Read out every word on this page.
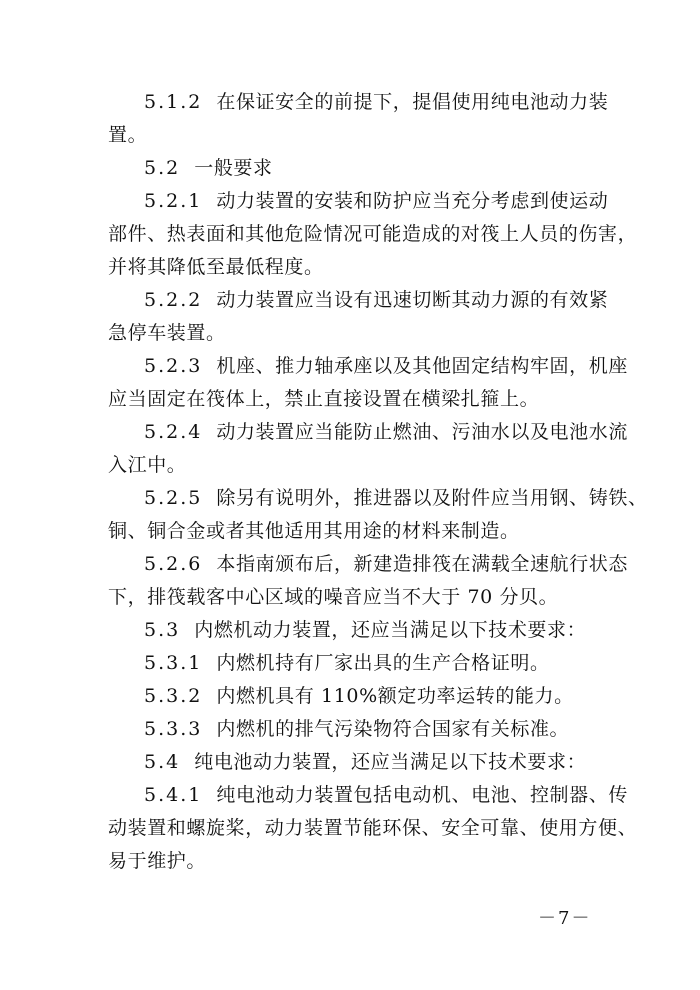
5.1.2 在保证安全的前提下，提倡使用纯电池动力装
置。
5.2 一般要求
5.2.1 动力装置的安装和防护应当充分考虑到使运动
部件、热表面和其他危险情况可能造成的对筏上人员的伤害，
并将其降低至最低程度。
5.2.2 动力装置应当设有迅速切断其动力源的有效紧
急停车装置。
5.2.3 机座、推力轴承座以及其他固定结构牢固，机座
应当固定在筏体上，禁止直接设置在横梁扎箍上。
5.2.4 动力装置应当能防止燃油、污油水以及电池水流
入江中。
5.2.5 除另有说明外，推进器以及附件应当用钢、铸铁、
铜、铜合金或者其他适用其用途的材料来制造。
5.2.6 本指南颁布后，新建造排筏在满载全速航行状态
下，排筏载客中心区域的噪音应当不大于 70 分贝。
5.3 内燃机动力装置，还应当满足以下技术要求：
5.3.1 内燃机持有厂家出具的生产合格证明。
5.3.2 内燃机具有 110%额定功率运转的能力。
5.3.3 内燃机的排气污染物符合国家有关标准。
5.4 纯电池动力装置，还应当满足以下技术要求：
5.4.1 纯电池动力装置包括电动机、电池、控制器、传
动装置和螺旋桨，动力装置节能环保、安全可靠、使用方便、
易于维护。
－7－
